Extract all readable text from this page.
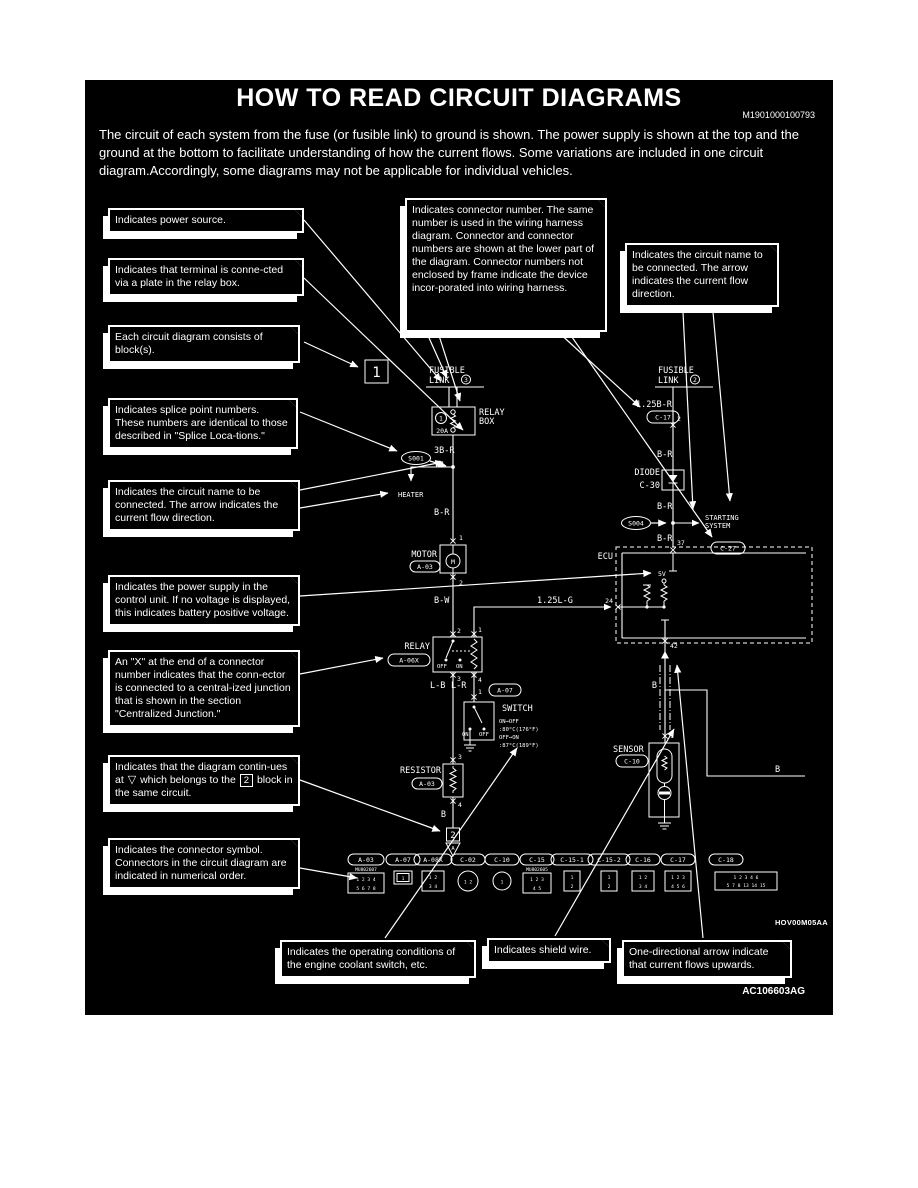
HOW TO READ CIRCUIT DIAGRAMS
M1901000100793
The circuit of each system from the fuse (or fusible link) to ground is shown. The power supply is shown at the top and the ground at the bottom to facilitate understanding of how the current flows. Some variations are included in one circuit diagram.Accordingly, some diagrams may not be applicable for individual vehicles.
HOV00M05AA
AC106603AG
Indicates power source.
Indicates that terminal is conne-cted via a plate in the relay box.
Each circuit diagram consists of block(s).
Indicates splice point numbers. These numbers are identical to those described in "Splice Loca-tions."
Indicates the circuit name to be connected. The arrow indicates the current flow direction.
Indicates the power supply in the control unit. If no voltage is displayed, this indicates battery positive voltage.
An "X" at the end of a connector number indicates that the conn-ector is connected to a central-ized junction that is shown in the section "Centralized Junction."
Indicates that the diagram contin-ues at ▽ which belongs to the 2 block in the same circuit.
Indicates the connector symbol. Connectors in the circuit diagram are indicated in numerical order.
Indicates connector number. The same number is used in the wiring harness diagram. Connector and connector numbers are shown at the lower part of the diagram. Connector numbers not enclosed by frame indicate the device incor-porated into wiring harness.
Indicates the circuit name to be connected. The arrow indicates the current flow direction.
Indicates the operating conditions of the engine coolant switch, etc.
Indicates shield wire.	One-directional arrow indicate that current flows upwards.
1	FUSIBLE
LINK 3
1
20A
RELAY
BOX
3B-R
S001
HEATER
B-R
1
M
MOTOR
A-03
2
B-W	1.25L-G	24
2	1
OFF ON
RELAY
A-06X
3	4
L-B L-R
1 A-07
ON OFF
SWITCH
ON→OFF
:80°C(176°F)
OFF→ON
:87°C(189°F)
3
RESISTOR
A-03
4
B
2
A
FUSIBLE
LINK 2
1.25B-R
C-17 2
B-R
DIODE
C-30
B-R
S004
STARTING
SYSTEM
B-R 37
C-27
ECU
5V
42
B
B
1
SENSOR
C-10
A-03
MU802607
1 2 3 4
5 6 7 8
A-07
1
A-08X
1 2
3 4
C-02
1 2
C-10
1
C-15
MU802605
1 2 3
4 5
C-15-1
1
2
C-15-2
1
2
C-16
1 2
3 4
C-17
1 2 3
4 5 6
C-18
1 2 3 4 6
5 7 8 13 14 15
